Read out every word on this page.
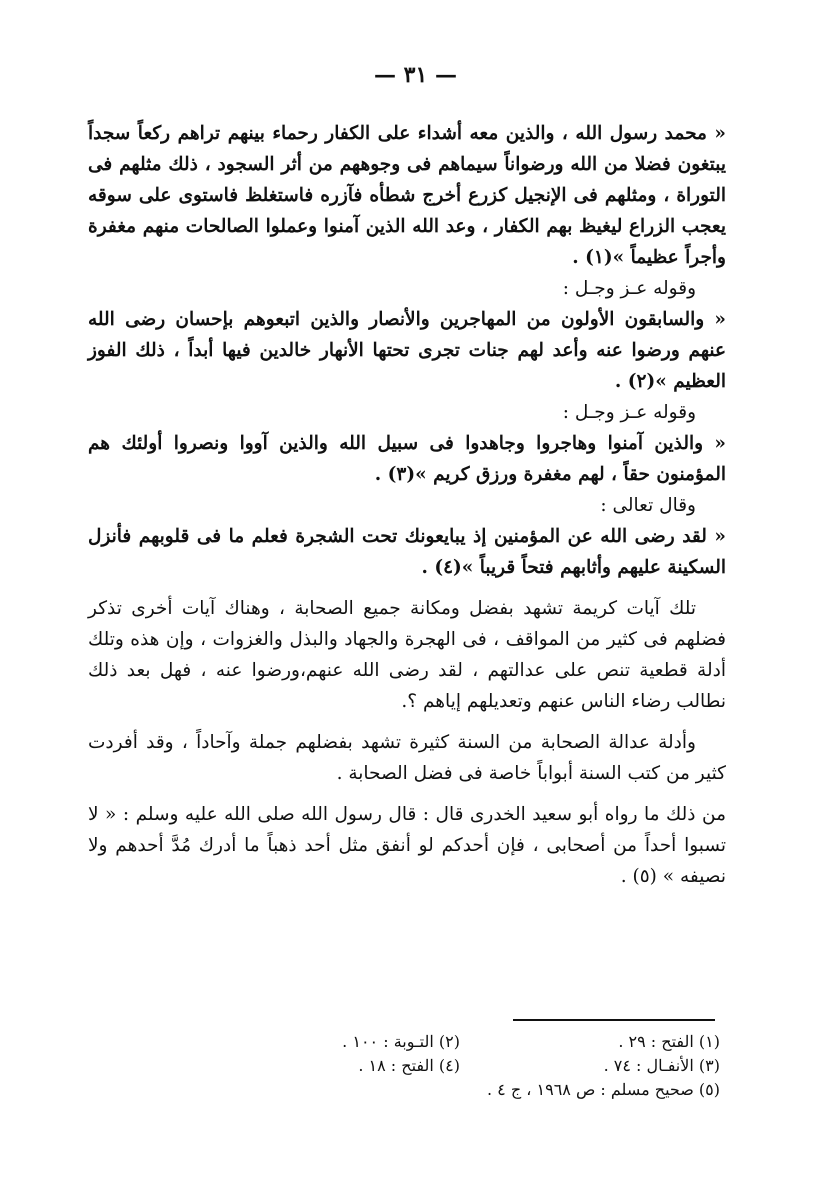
— ٣١ —

« محمد رسول الله ، والذين معه أشداء على الكفار رحماء بينهم تراهم ركعاً سجداً يبتغون فضلا من الله ورضواناً سيماهم فى وجوههم من أثر السجود ، ذلك مثلهم فى التوراة ، ومثلهم فى الإنجيل كزرع أخرج شطأه فآزره فاستغلظ فاستوى على سوقه يعجب الزراع ليغيظ بهم الكفار ، وعد الله الذين آمنوا وعملوا الصالحات منهم مغفرة وأجراً عظيماً »(١) .

وقوله عـز وجـل :

« والسابقون الأولون من المهاجرين والأنصار والذين اتبعوهم بإحسان رضى الله عنهم ورضوا عنه وأعد لهم جنات تجرى تحتها الأنهار خالدين فيها أبداً ، ذلك الفوز العظيم »(٢) .

وقوله عـز وجـل :

« والذين آمنوا وهاجروا وجاهدوا فى سبيل الله والذين آووا ونصروا أولئك هم المؤمنون حقاً ، لهم مغفرة ورزق كريم »(٣) .

وقال تعالى :

« لقد رضى الله عن المؤمنين إذ يبايعونك تحت الشجرة فعلم ما فى قلوبهم فأنزل السكينة عليهم وأثابهم فتحاً قريباً »(٤) .

تلك آيات كريمة تشهد بفضل ومكانة جميع الصحابة ، وهناك آيات أخرى تذكر فضلهم فى كثير من المواقف ، فى الهجرة والجهاد والبذل والغزوات ، وإن هذه وتلك أدلة قطعية تنص على عدالتهم ، لقد رضى الله عنهم،ورضوا عنه ، فهل بعد ذلك نطالب رضاء الناس عنهم وتعديلهم إياهم ؟.

وأدلة عدالة الصحابة من السنة كثيرة تشهد بفضلهم جملة وآحاداً ، وقد أفردت كثير من كتب السنة أبواباً خاصة فى فضل الصحابة .

من ذلك ما رواه أبو سعيد الخدرى قال : قال رسول الله صلى الله عليه وسلم : « لا تسبوا أحداً من أصحابى ، فإن أحدكم لو أنفق مثل أحد ذهباً ما أدرك مُدَّ أحدهم ولا نصيفه » (٥) .

(١) الفتح : ٢٩ .
(٢) التـوبة : ١٠٠ .
(٣) الأنفـال : ٧٤ .
(٤) الفتح : ١٨ .
(٥) صحيح مسلم : ص ١٩٦٨ ، ج ٤ .
